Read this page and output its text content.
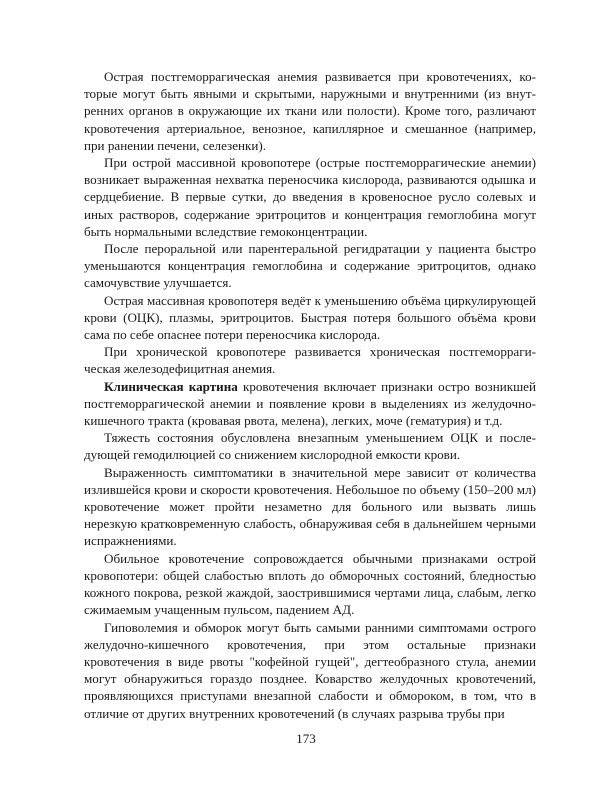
Острая постгеморрагическая анемия развивается при кровотечениях, которые могут быть явными и скрытыми, наружными и внутренними (из внутренних органов в окружающие их ткани или полости). Кроме того, различают кровотечения артериальное, венозное, капиллярное и смешанное (например, при ранении печени, селезенки).

При острой массивной кровопотере (острые постгеморрагические анемии) возникает выраженная нехватка переносчика кислорода, развиваются одышка и сердцебиение. В первые сутки, до введения в кровеносное русло солевых и иных растворов, содержание эритроцитов и концентрация гемоглобина могут быть нормальными вследствие гемоконцентрации.

После пероральной или парентеральной регидратации у пациента быстро уменьшаются концентрация гемоглобина и содержание эритроцитов, однако самочувствие улучшается.

Острая массивная кровопотеря ведёт к уменьшению объёма циркулирующей крови (ОЦК), плазмы, эритроцитов. Быстрая потеря большого объёма крови сама по себе опаснее потери переносчика кислорода.

При хронической кровопотере развивается хроническая постгеморрагическая железодефицитная анемия.

Клиническая картина кровотечения включает признаки остро возникшей постгеморрагической анемии и появление крови в выделениях из желудочно-кишечного тракта (кровавая рвота, мелена), легких, моче (гематурия) и т.д.

Тяжесть состояния обусловлена внезапным уменьшением ОЦК и последующей гемодилюцией со снижением кислородной емкости крови.

Выраженность симптоматики в значительной мере зависит от количества излившейся крови и скорости кровотечения. Небольшое по объему (150–200 мл) кровотечение может пройти незаметно для больного или вызвать лишь нерезкую кратковременную слабость, обнаруживая себя в дальнейшем черными испражнениями.

Обильное кровотечение сопровождается обычными признаками острой кровопотери: общей слабостью вплоть до обморочных состояний, бледностью кожного покрова, резкой жаждой, заострившимися чертами лица, слабым, легко сжимаемым учащенным пульсом, падением АД.

Гиповолемия и обморок могут быть самыми ранними симптомами острого желудочно-кишечного кровотечения, при этом остальные признаки кровотечения в виде рвоты "кофейной гущей", дегтеобразного стула, анемии могут обнаружиться гораздо позднее. Коварство желудочных кровотечений, проявляющихся приступами внезапной слабости и обмороком, в том, что в отличие от других внутренних кровотечений (в случаях разрыва трубы при

173
